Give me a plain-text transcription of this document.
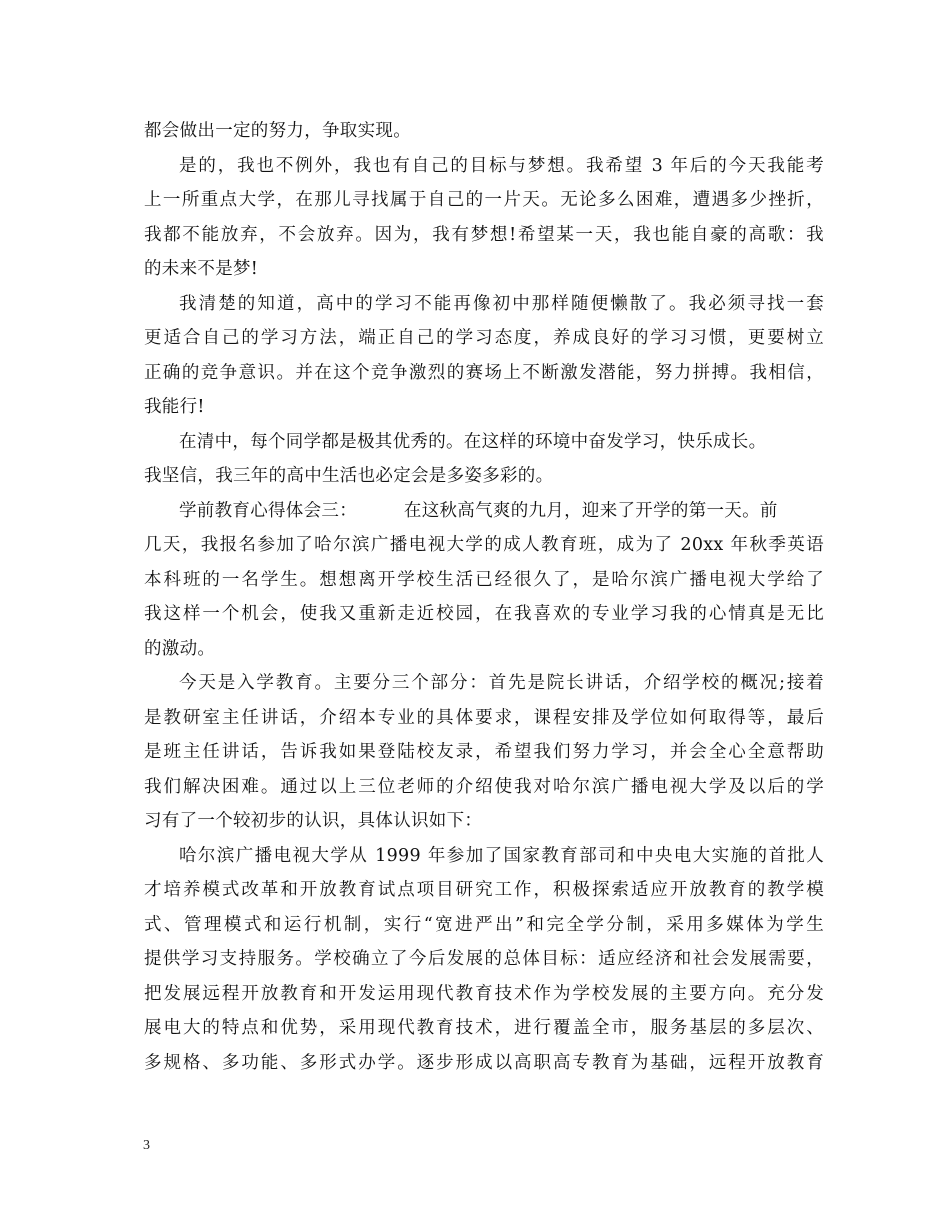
都会做出一定的努力，争取实现。
是的，我也不例外，我也有自己的目标与梦想。我希望 3 年后的今天我能考
上一所重点大学，在那儿寻找属于自己的一片天。无论多么困难，遭遇多少挫折，
我都不能放弃，不会放弃。因为，我有梦想!希望某一天，我也能自豪的高歌：我
的未来不是梦!
我清楚的知道，高中的学习不能再像初中那样随便懒散了。我必须寻找一套
更适合自己的学习方法，端正自己的学习态度，养成良好的学习习惯，更要树立
正确的竞争意识。并在这个竞争激烈的赛场上不断激发潜能，努力拼搏。我相信，
我能行!
在清中，每个同学都是极其优秀的。在这样的环境中奋发学习，快乐成长。
我坚信，我三年的高中生活也必定会是多姿多彩的。
学前教育心得体会三：        在这秋高气爽的九月，迎来了开学的第一天。前
几天，我报名参加了哈尔滨广播电视大学的成人教育班，成为了 20xx 年秋季英语
本科班的一名学生。想想离开学校生活已经很久了，是哈尔滨广播电视大学给了
我这样一个机会，使我又重新走近校园，在我喜欢的专业学习我的心情真是无比
的激动。
今天是入学教育。主要分三个部分：首先是院长讲话，介绍学校的概况;接着
是教研室主任讲话，介绍本专业的具体要求，课程安排及学位如何取得等，最后
是班主任讲话，告诉我如果登陆校友录，希望我们努力学习，并会全心全意帮助
我们解决困难。通过以上三位老师的介绍使我对哈尔滨广播电视大学及以后的学
习有了一个较初步的认识，具体认识如下：
哈尔滨广播电视大学从 1999 年参加了国家教育部司和中央电大实施的首批人
才培养模式改革和开放教育试点项目研究工作，积极探索适应开放教育的教学模
式、管理模式和运行机制，实行“宽进严出”和完全学分制，采用多媒体为学生
提供学习支持服务。学校确立了今后发展的总体目标：适应经济和社会发展需要，
把发展远程开放教育和开发运用现代教育技术作为学校发展的主要方向。充分发
展电大的特点和优势，采用现代教育技术，进行覆盖全市，服务基层的多层次、
多规格、多功能、多形式办学。逐步形成以高职高专教育为基础，远程开放教育
3
